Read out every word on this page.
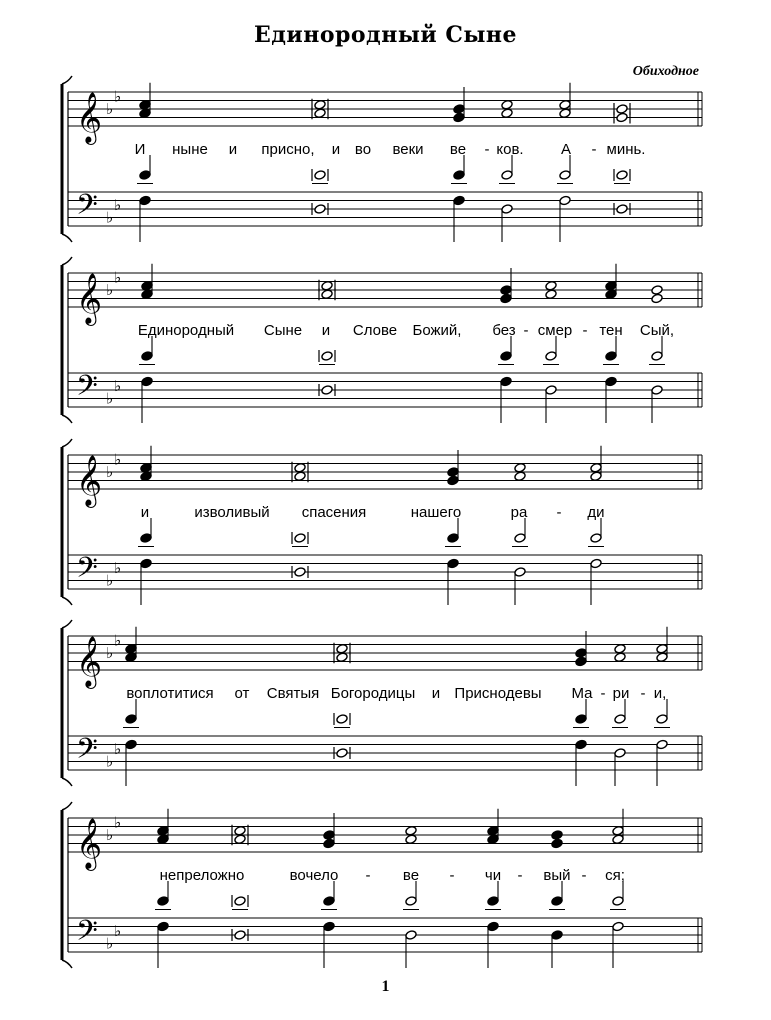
Единородный Сыне
Обиходное
𝄞
𝄢
♭
♭
♭
♭
И ныне и присно, и во веки ве - ков. А - минь.
𝄞
𝄢
♭
♭
♭
♭
Единородный Сыне и Слове Божий, без - смер - тен Сый,
𝄞
𝄢
♭
♭
♭
♭
и	изволивый спасения	нашего	ра - ди
𝄞
𝄢
♭
♭
♭
♭
воплотитися от Святыя Богородицы и Приснодевы Ма - ри - и,
𝄞
𝄢
♭
♭
♭
♭
непреложно	вочело - ве - чи - вый - ся;
1
